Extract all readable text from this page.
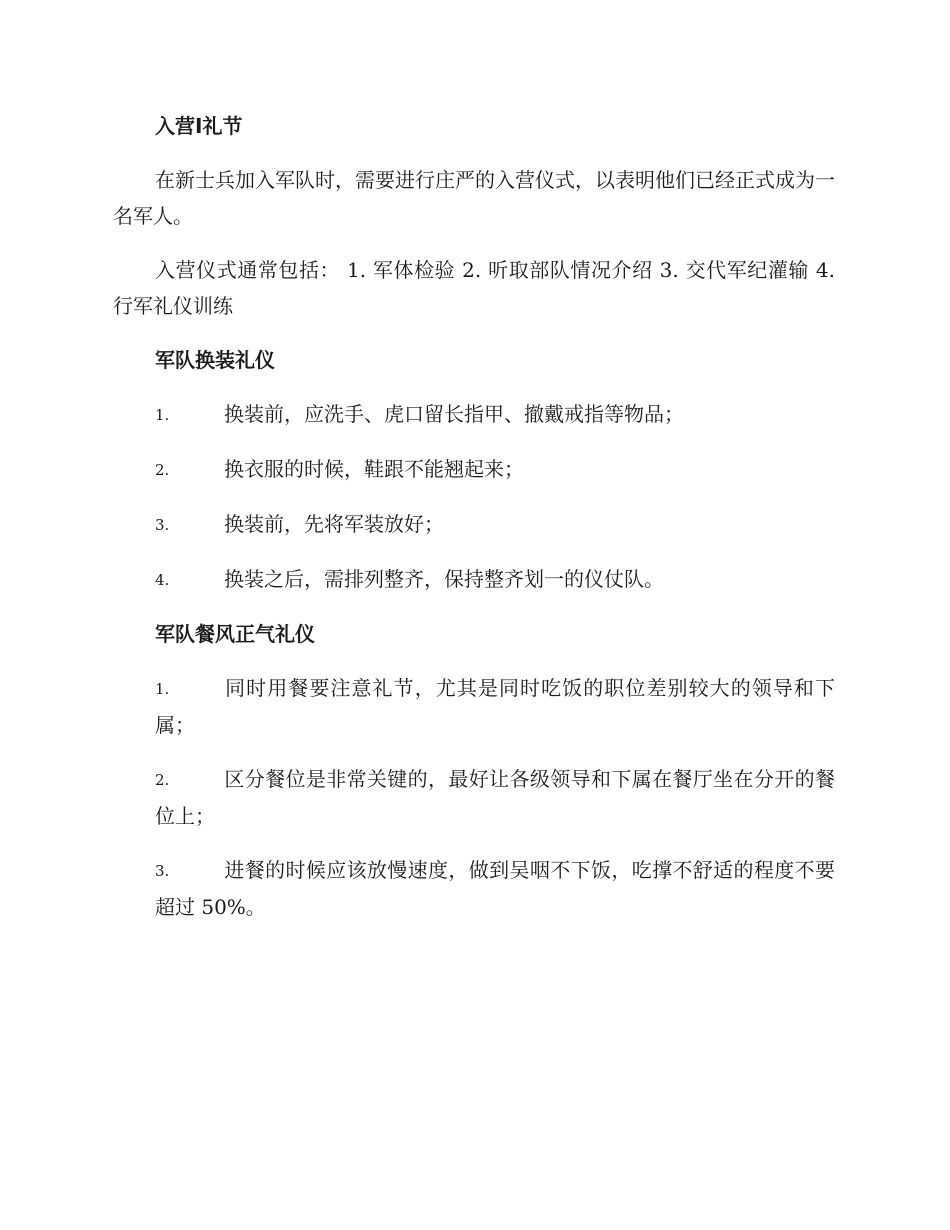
入营Ⅰ礼节

在新士兵加入军队时，需要进行庄严的入营仪式，以表明他们已经正式成为一名军人。

入营仪式通常包括： 1. 军体检验 2. 听取部队情况介绍 3. 交代军纪灌输 4. 行军礼仪训练

军队换装礼仪

1.	换装前，应洗手、虎口留长指甲、撤戴戒指等物品；

2.	换衣服的时候，鞋跟不能翘起来；

3.	换装前，先将军装放好；

4.	换装之后，需排列整齐，保持整齐划一的仪仗队。

军队餐风正气礼仪

1.	同时用餐要注意礼节，尤其是同时吃饭的职位差别较大的领导和下属；

2.	区分餐位是非常关键的，最好让各级领导和下属在餐厅坐在分开的餐位上；

3.	进餐的时候应该放慢速度，做到吴咽不下饭，吃撑不舒适的程度不要超过 50%。
